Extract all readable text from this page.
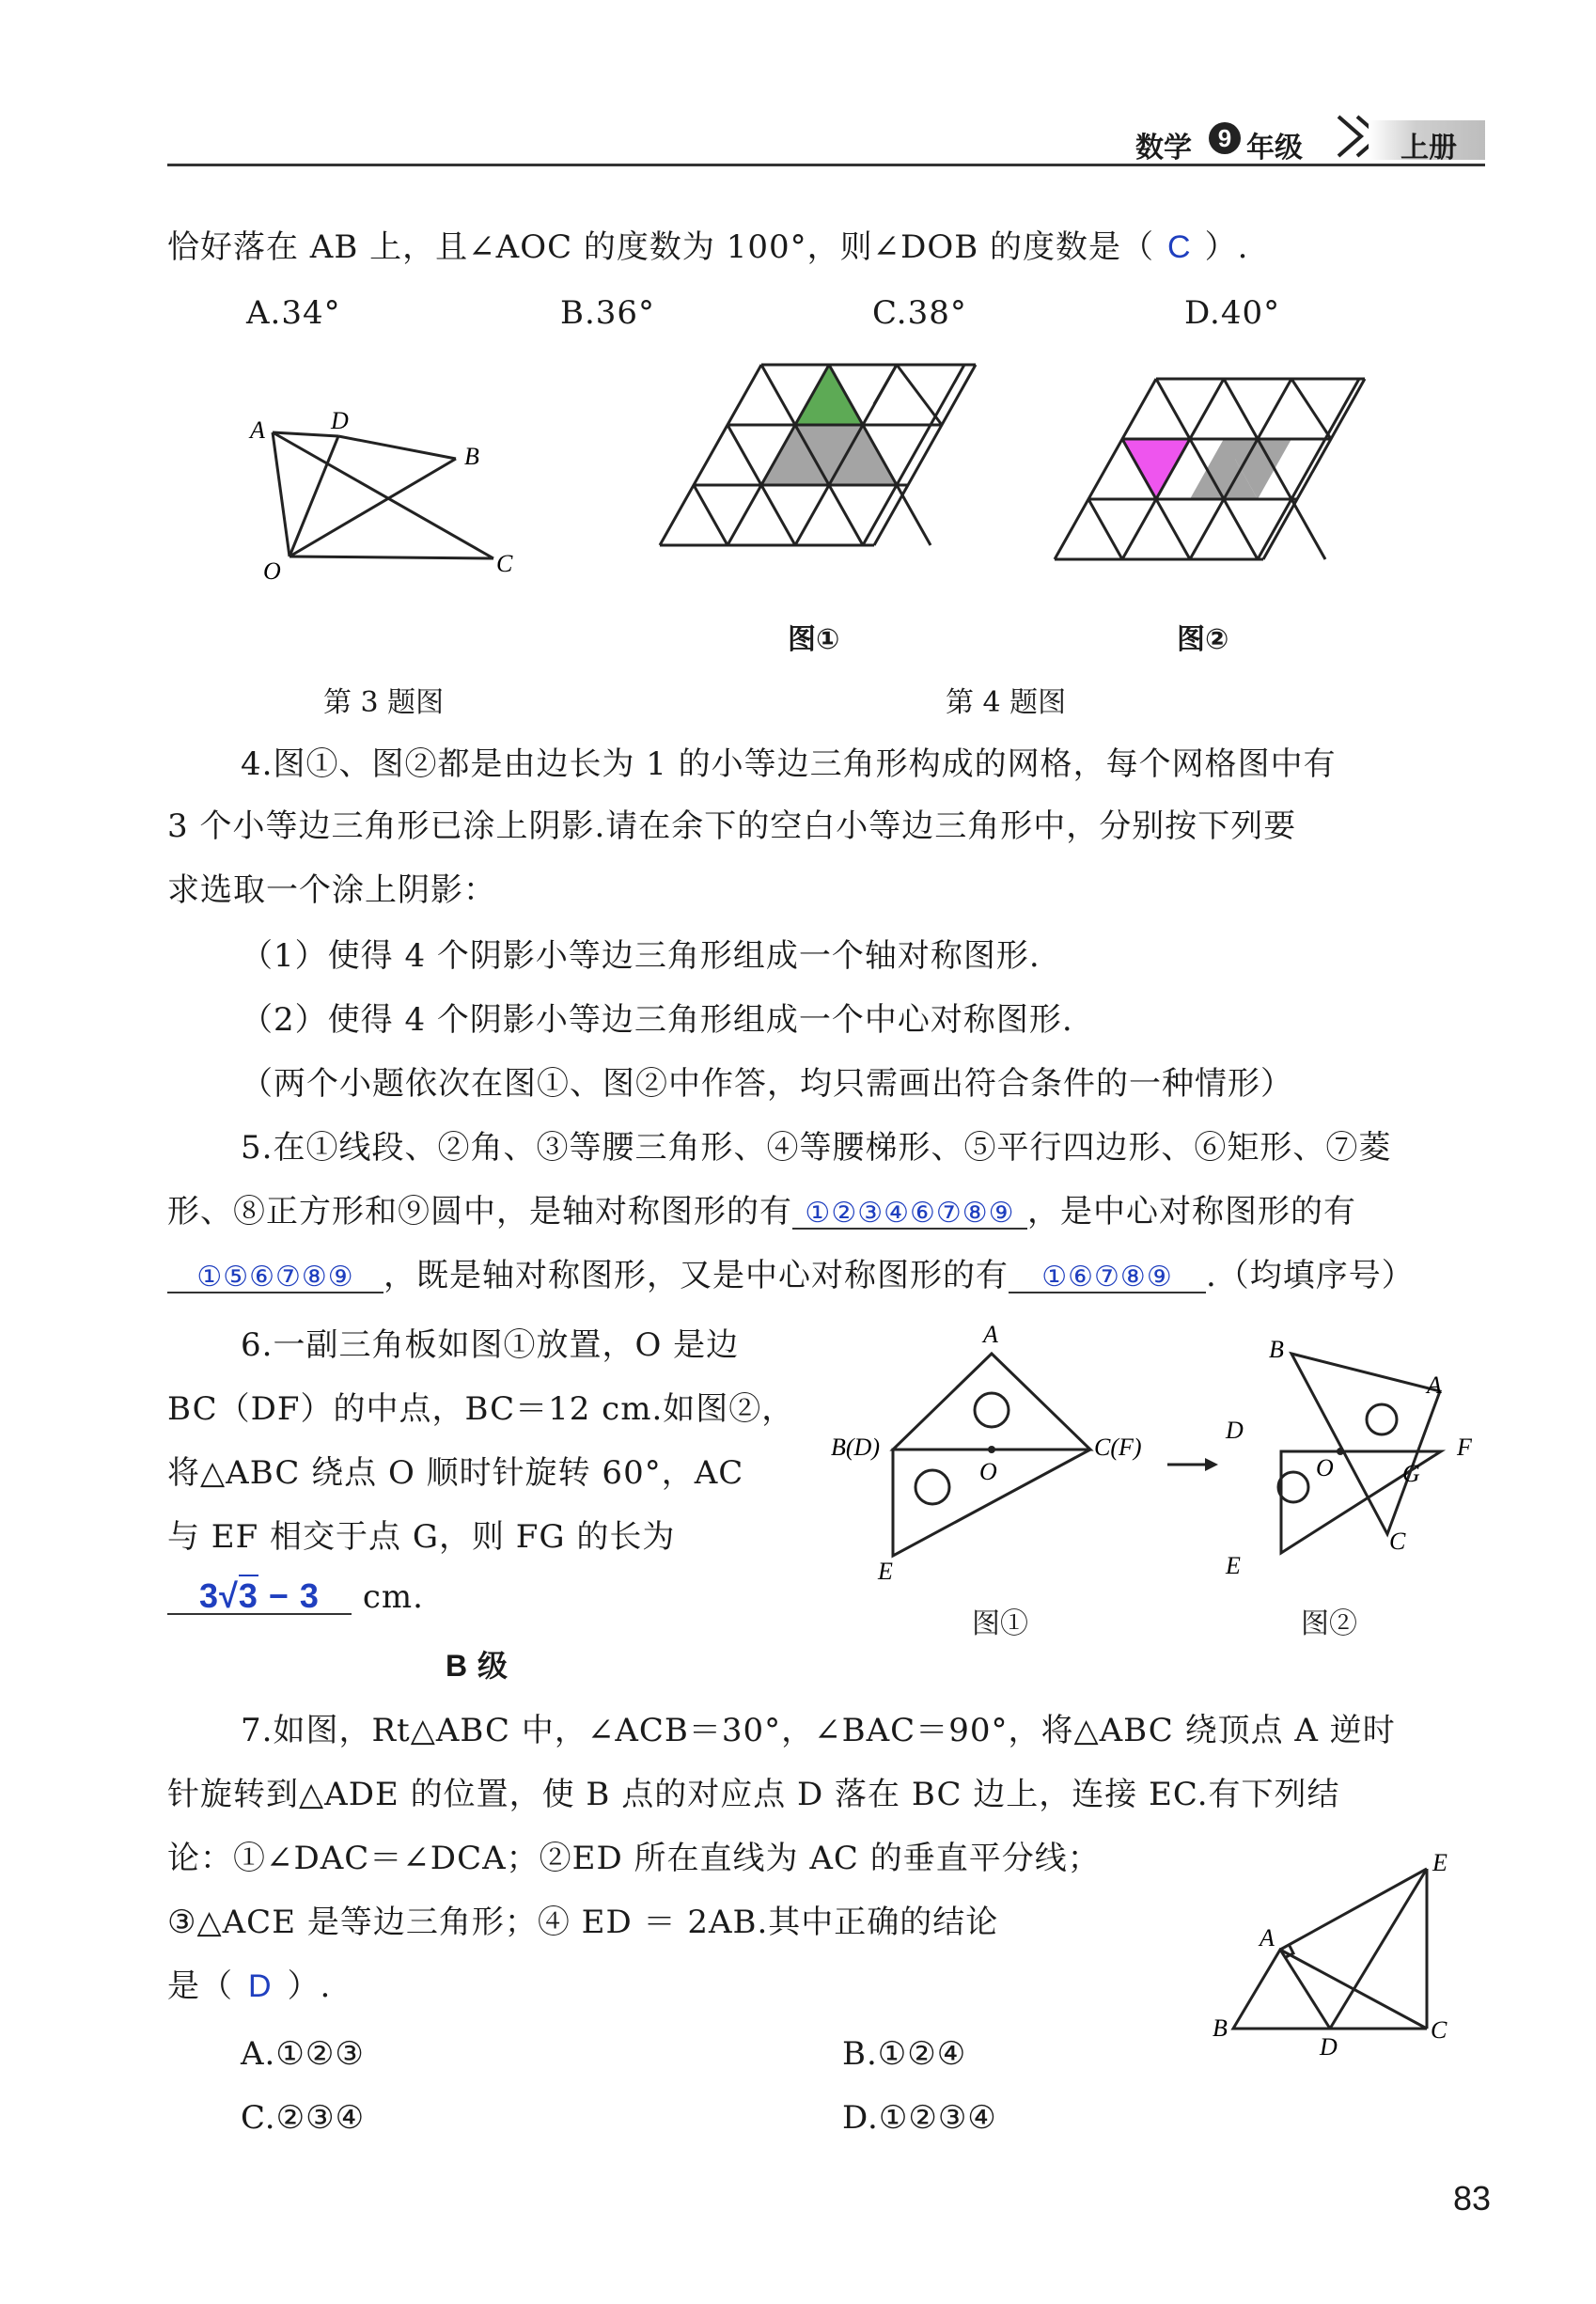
数学	9 年级	上册
恰好落在 AB 上，且∠AOC 的度数为 100°，则∠DOB 的度数是（ C ）.
A.34°	B.36°	C.38°	D.40°
A	D
B
O	C
图①	图②
第 3 题图	第 4 题图
4.图①、图②都是由边长为 1 的小等边三角形构成的网格，每个网格图中有
3 个小等边三角形已涂上阴影.请在余下的空白小等边三角形中，分别按下列要
求选取一个涂上阴影：
（1）使得 4 个阴影小等边三角形组成一个轴对称图形.
（2）使得 4 个阴影小等边三角形组成一个中心对称图形.
（两个小题依次在图①、图②中作答，均只需画出符合条件的一种情形）
5.在①线段、②角、③等腰三角形、④等腰梯形、⑤平行四边形、⑥矩形、⑦菱
形、⑧正方形和⑨圆中，是轴对称图形的有 ①②③④⑥⑦⑧⑨ ，是中心对称图形的有
①⑤⑥⑦⑧⑨ ，既是轴对称图形，又是中心对称图形的有 ①⑥⑦⑧⑨ .（均填序号）
6.一副三角板如图①放置，O 是边
BC（DF）的中点，BC＝12 cm.如图②，
将△ABC 绕点 O 顺时针旋转 60°，AC
与 EF 相交于点 G，则 FG 的长为
3√3 − 3 cm.
A
B(D)	C(F)
O
E
图①
B
A
D
F
O	G
E
C
图②
B 级
7.如图，Rt△ABC 中，∠ACB＝30°，∠BAC＝90°，将△ABC 绕顶点 A 逆时
针旋转到△ADE 的位置，使 B 点的对应点 D 落在 BC 边上，连接 EC.有下列结
论：①∠DAC＝∠DCA；②ED 所在直线为 AC 的垂直平分线；
③△ACE 是等边三角形；④ ED ＝ 2AB.其中正确的结论
是（ D ）.
A.①②③	B.①②④
C.②③④	D.①②③④
E
A
B
D
C
83
